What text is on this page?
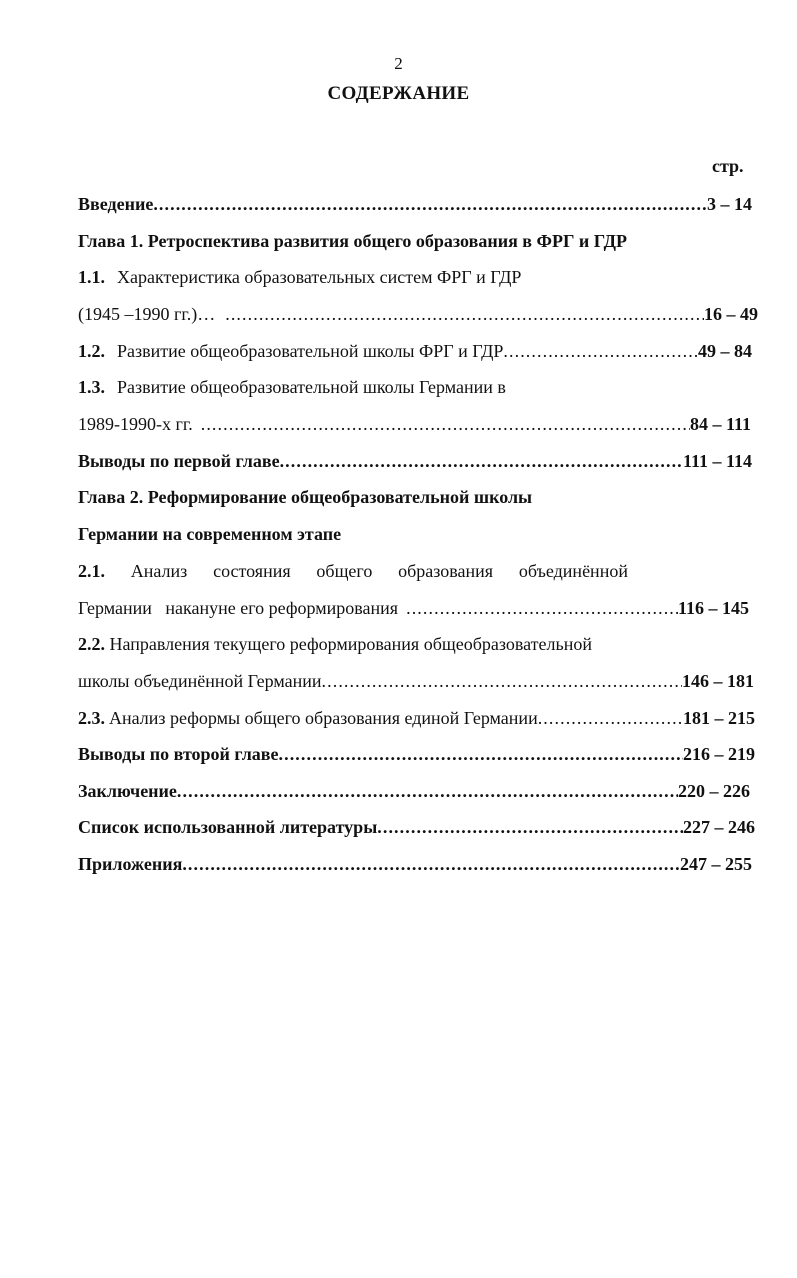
2
СОДЕРЖАНИЕ
стр.
Введение .....	3 – 14
Глава 1. Ретроспектива развития общего образования в ФРГ и ГДР
1.1. Характеристика образовательных систем ФРГ и ГДР
(1945 –1990 гг.)… .....	16 – 49
1.2. Развитие общеобразовательной школы ФРГ и ГДР .....	49 – 84
1.3. Развитие общеобразовательной школы Германии в
1989-1990-х гг. .....	84 – 111
Выводы по первой главе .....	111 – 114
Глава 2. Реформирование общеобразовательной школы
Германии на современном этапе
2.1. Анализ состояния общего образования объединённой
Германии   накануне его реформирования .....	116 – 145
2.2. Направления текущего реформирования общеобразовательной
школы объединённой Германии .....	146 – 181
2.3. Анализ реформы общего образования единой Германии .....	181 – 215
Выводы по второй главе .....	216 – 219
Заключение .....	220 – 226
Список использованной литературы .....	227 – 246
Приложения .....	247 – 255
